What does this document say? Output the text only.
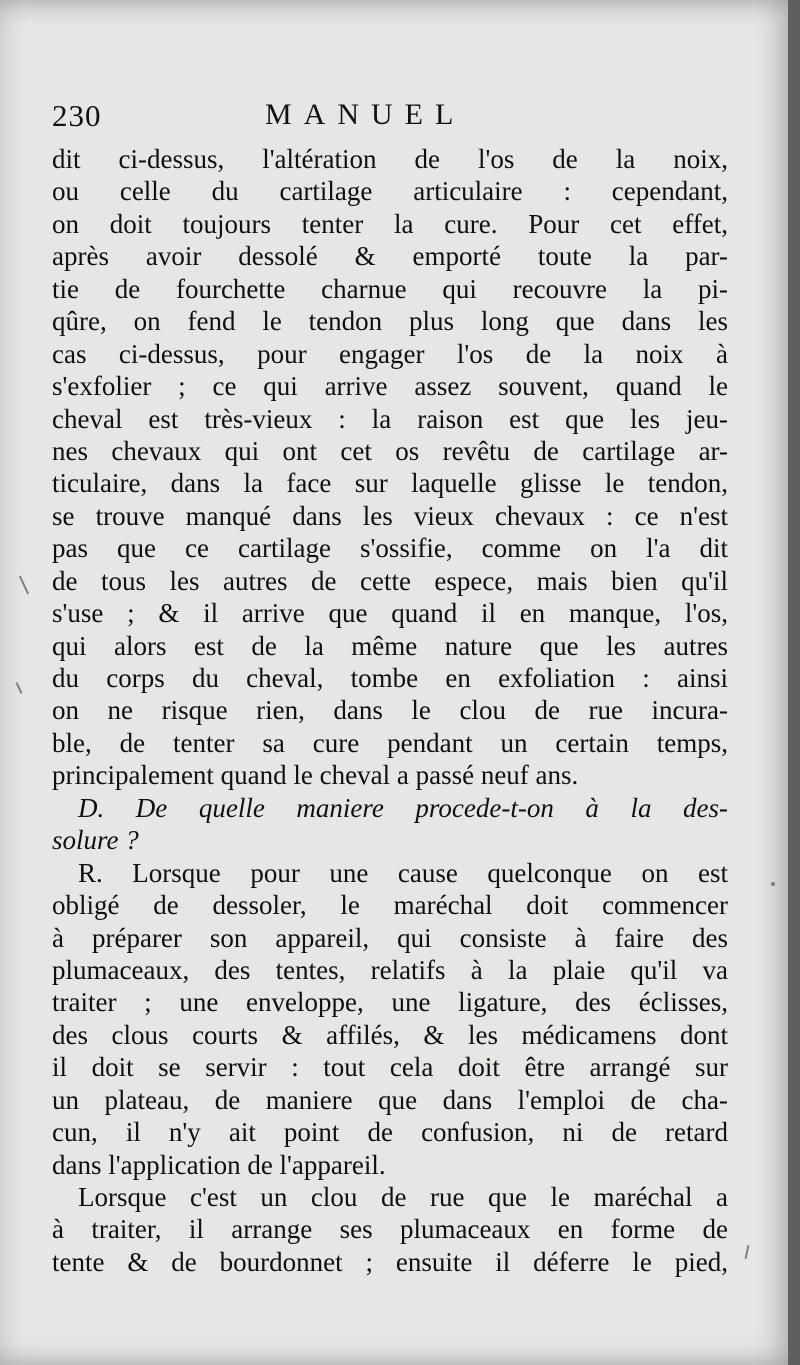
230	MANUEL
dit ci-dessus, l'altération de l'os de la noix,
ou celle du cartilage articulaire : cependant,
on doit toujours tenter la cure. Pour cet effet,
après avoir dessolé & emporté toute la par-
tie de fourchette charnue qui recouvre la pi-
qûre, on fend le tendon plus long que dans les
cas ci-dessus, pour engager l'os de la noix à
s'exfolier ; ce qui arrive assez souvent, quand le
cheval est très-vieux : la raison est que les jeu-
nes chevaux qui ont cet os revêtu de cartilage ar-
ticulaire, dans la face sur laquelle glisse le tendon,
se trouve manqué dans les vieux chevaux : ce n'est
pas que ce cartilage s'ossifie, comme on l'a dit
de tous les autres de cette espece, mais bien qu'il
s'use ; & il arrive que quand il en manque, l'os,
qui alors est de la même nature que les autres
du corps du cheval, tombe en exfoliation : ainsi
on ne risque rien, dans le clou de rue incura-
ble, de tenter sa cure pendant un certain temps,
principalement quand le cheval a passé neuf ans.
D. De quelle maniere procede-t-on à la des-
solure ?
R. Lorsque pour une cause quelconque on est
obligé de dessoler, le maréchal doit commencer
à préparer son appareil, qui consiste à faire des
plumaceaux, des tentes, relatifs à la plaie qu'il va
traiter ; une enveloppe, une ligature, des éclisses,
des clous courts & affilés, & les médicamens dont
il doit se servir : tout cela doit être arrangé sur
un plateau, de maniere que dans l'emploi de cha-
cun, il n'y ait point de confusion, ni de retard
dans l'application de l'appareil.
Lorsque c'est un clou de rue que le maréchal a
à traiter, il arrange ses plumaceaux en forme de
tente & de bourdonnet ; ensuite il déferre le pied,
